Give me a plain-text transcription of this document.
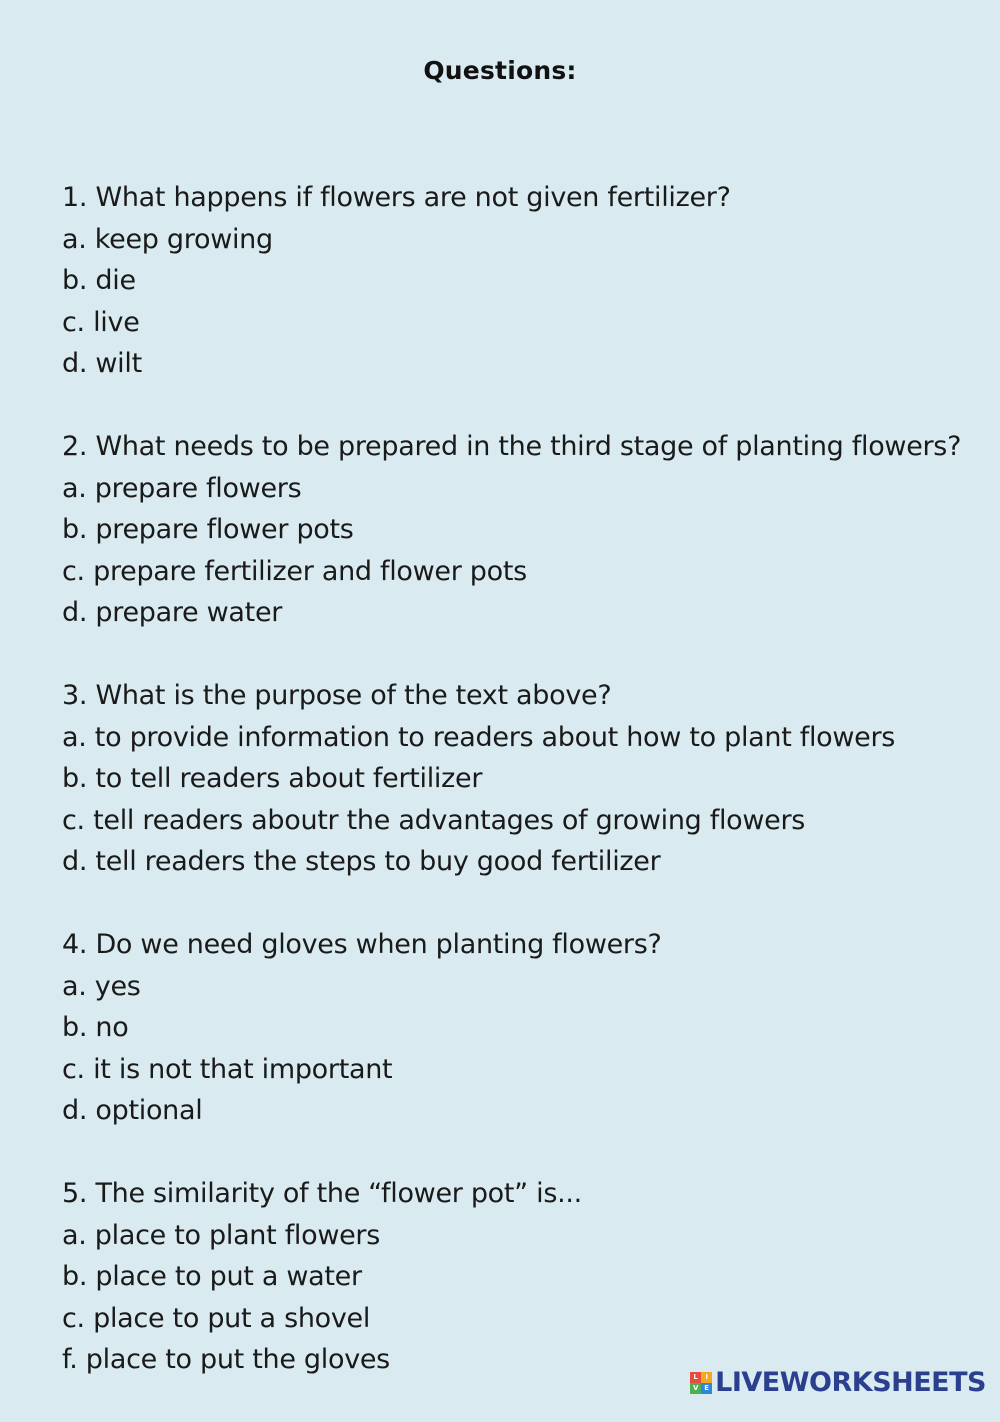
Questions:
1. What happens if flowers are not given fertilizer?
a. keep growing
b. die
c. live
d. wilt
2. What needs to be prepared in the third stage of planting flowers?
a. prepare flowers
b. prepare flower pots
c. prepare fertilizer and flower pots
d. prepare water
3. What is the purpose of the text above?
a. to provide information to readers about how to plant flowers
b. to tell readers about fertilizer
c. tell readers aboutr the advantages of growing flowers
d. tell readers the steps to buy good fertilizer
4. Do we need gloves when planting flowers?
a. yes
b. no
c. it is not that important
d. optional
5. The similarity of the “flower pot” is...
a. place to plant flowers
b. place to put a water
c. place to put a shovel
f. place to put the gloves
L	I
V E LIVEWORKSHEETS
